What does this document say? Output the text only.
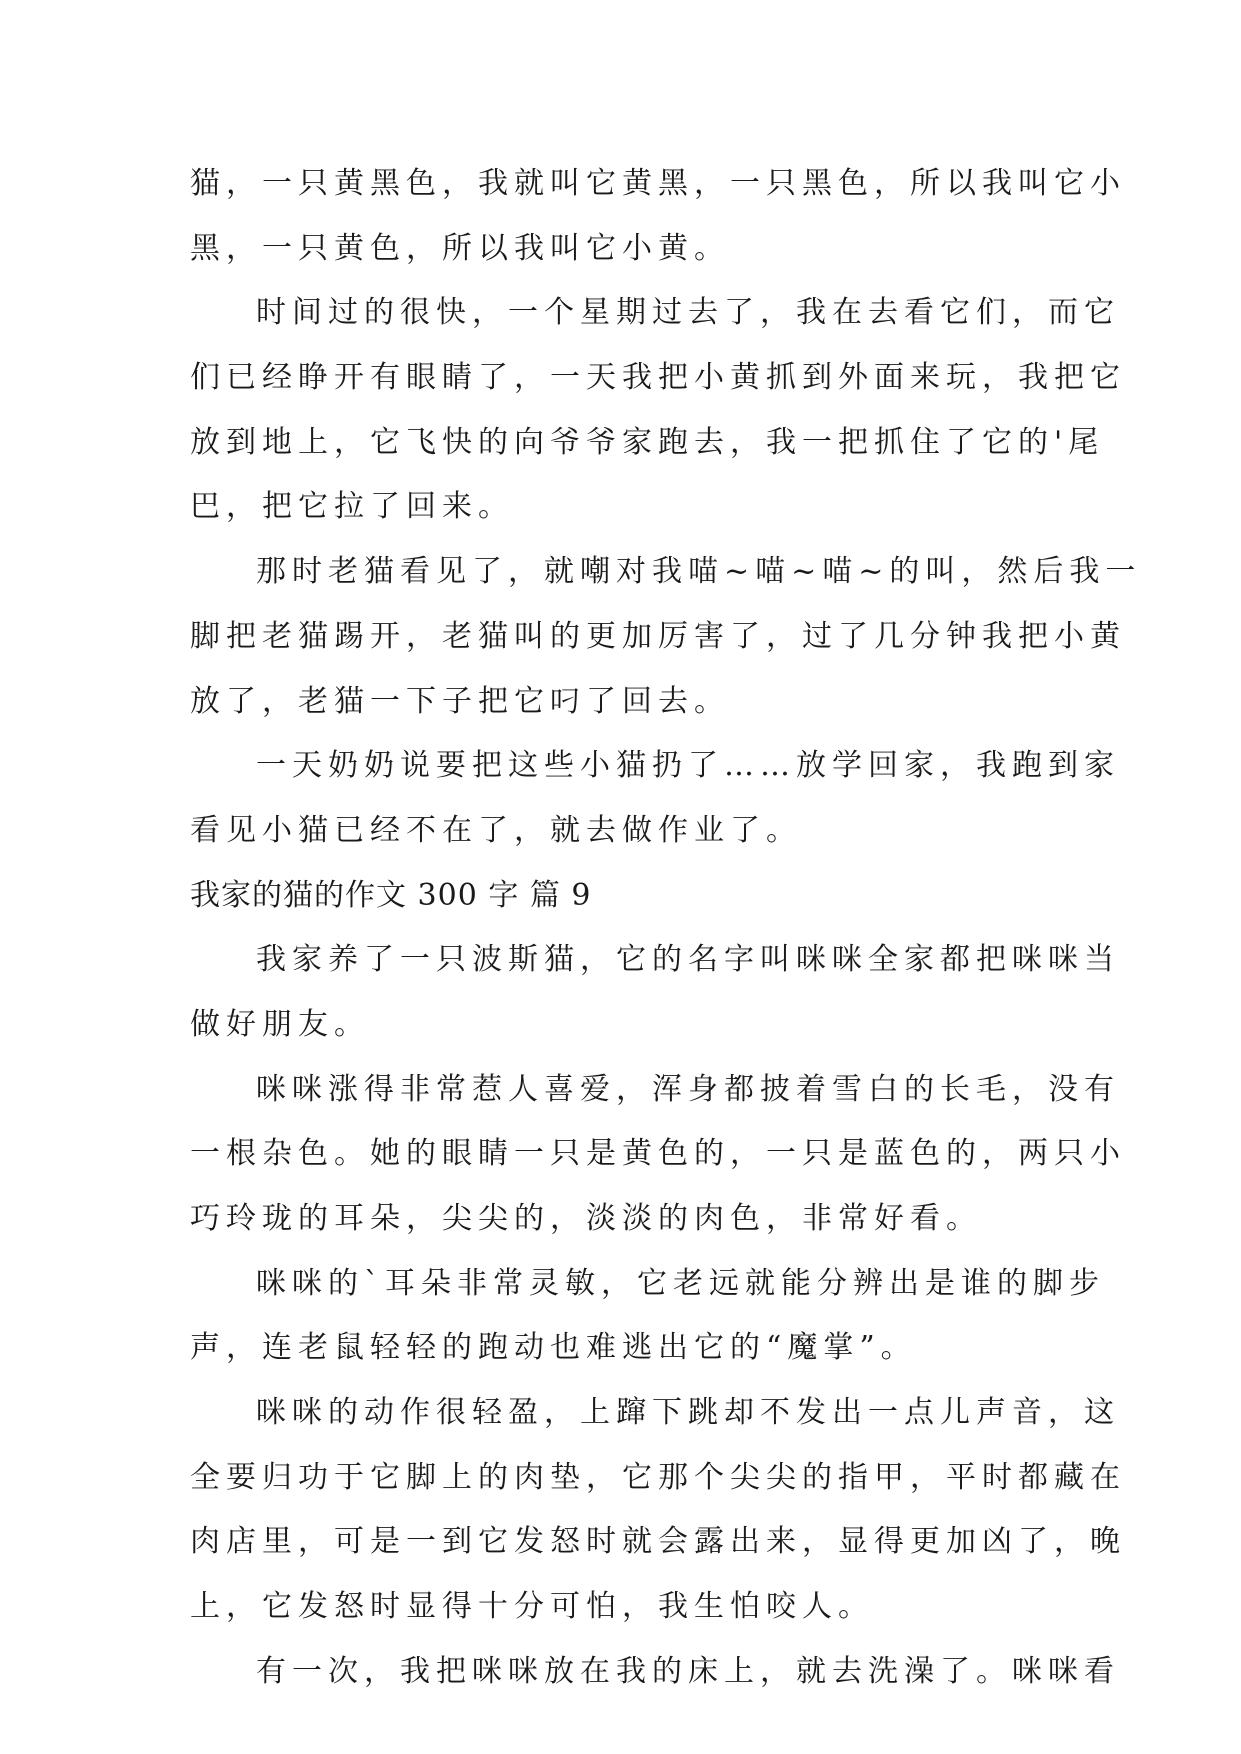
猫，一只黄黑色，我就叫它黄黑，一只黑色，所以我叫它小
黑，一只黄色，所以我叫它小黄。
时间过的很快，一个星期过去了，我在去看它们，而它
们已经睁开有眼睛了，一天我把小黄抓到外面来玩，我把它
放到地上，它飞快的向爷爷家跑去，我一把抓住了它的'尾
巴，把它拉了回来。
那时老猫看见了，就嘲对我喵~喵~喵~的叫，然后我一
脚把老猫踢开，老猫叫的更加厉害了，过了几分钟我把小黄
放了，老猫一下子把它叼了回去。
一天奶奶说要把这些小猫扔了……放学回家，我跑到家
看见小猫已经不在了，就去做作业了。
我家的猫的作文 300 字 篇 9
我家养了一只波斯猫，它的名字叫咪咪全家都把咪咪当
做好朋友。
咪咪涨得非常惹人喜爱，浑身都披着雪白的长毛，没有
一根杂色。她的眼睛一只是黄色的，一只是蓝色的，两只小
巧玲珑的耳朵，尖尖的，淡淡的肉色，非常好看。
咪咪的`耳朵非常灵敏，它老远就能分辨出是谁的脚步
声，连老鼠轻轻的跑动也难逃出它的“魔掌”。
咪咪的动作很轻盈，上蹿下跳却不发出一点儿声音，这
全要归功于它脚上的肉垫，它那个尖尖的指甲，平时都藏在
肉店里，可是一到它发怒时就会露出来，显得更加凶了，晚
上，它发怒时显得十分可怕，我生怕咬人。
有一次，我把咪咪放在我的床上，就去洗澡了。咪咪看
